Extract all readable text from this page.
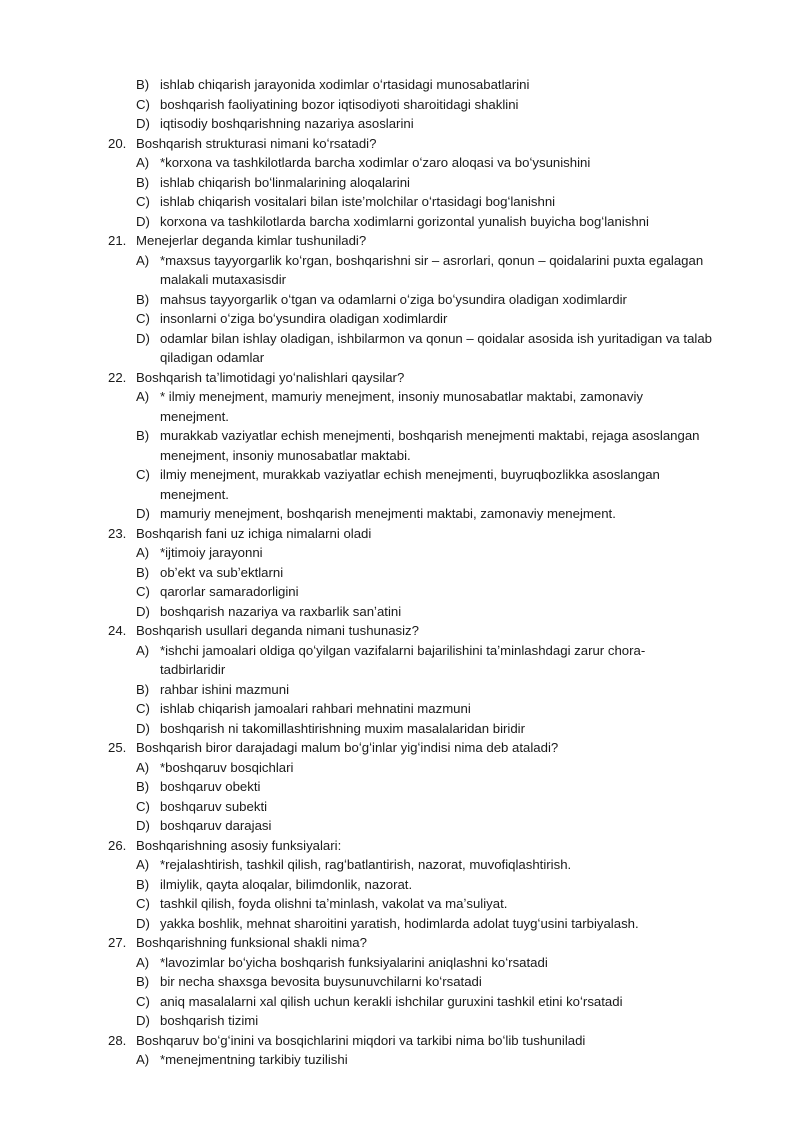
B) ishlab chiqarish jarayonida xodimlar oʻrtasidagi munosabatlarini
C) boshqarish faoliyatining bozor iqtisodiyoti sharoitidagi shaklini
D) iqtisodiy boshqarishning nazariya asoslarini
20. Boshqarish strukturasi nimani koʻrsatadi?
A) *korxona va tashkilotlarda barcha xodimlar oʻzaro aloqasi va boʻysunishini
B) ishlab chiqarish boʻlinmalarining aloqalarini
C) ishlab chiqarish vositalari bilan isteʼmolchilar oʻrtasidagi bogʻlanishni
D) korxona va tashkilotlarda barcha xodimlarni gorizontal yunalish buyicha bogʻlanishni
21. Menejerlar deganda kimlar tushuniladi?
A) *maxsus tayyorgarlik koʻrgan, boshqarishni sir – asrorlari, qonun – qoidalarini puxta egalagan
malakali mutaxasisdir
B) mahsus tayyorgarlik oʻtgan va odamlarni oʻziga boʻysundira oladigan xodimlardir
C) insonlarni oʻziga boʻysundira oladigan xodimlardir
D) odamlar bilan ishlay oladigan, ishbilarmon va qonun – qoidalar asosida ish yuritadigan va talab
qiladigan odamlar
22. Boshqarish taʼlimotidagi yoʻnalishlari qaysilar?
A) * ilmiy menejment, mamuriy menejment, insoniy munosabatlar maktabi, zamonaviy
menejment.
B) murakkab vaziyatlar echish menejmenti, boshqarish menejmenti maktabi, rejaga asoslangan
menejment, insoniy munosabatlar maktabi.
C) ilmiy menejment, murakkab vaziyatlar echish menejmenti, buyruqbozlikka asoslangan
menejment.
D) mamuriy menejment, boshqarish menejmenti maktabi, zamonaviy menejment.
23. Boshqarish fani uz ichiga nimalarni oladi
A) *ijtimoiy jarayonni
B) obʼekt va subʼektlarni
C) qarorlar samaradorligini
D) boshqarish nazariya va raxbarlik sanʼatini
24. Boshqarish usullari deganda nimani tushunasiz?
A) *ishchi jamoalari oldiga qoʻyilgan vazifalarni bajarilishini taʼminlashdagi zarur chora-
tadbirlaridir
B) rahbar ishini mazmuni
C) ishlab chiqarish jamoalari rahbari mehnatini mazmuni
D) boshqarish ni takomillashtirishning muxim masalalaridan biridir
25. Boshqarish biror darajadagi malum boʻgʻinlar yigʻindisi nima deb ataladi?
A) *boshqaruv bosqichlari
B) boshqaruv obekti
C) boshqaruv subekti
D) boshqaruv darajasi
26. Boshqarishning asosiy funksiyalari:
A) *rejalashtirish, tashkil qilish, ragʻbatlantirish, nazorat, muvofiqlashtirish.
B) ilmiylik, qayta aloqalar, bilimdonlik, nazorat.
C) tashkil qilish, foyda olishni taʼminlash, vakolat va maʼsuliyat.
D) yakka boshlik, mehnat sharoitini yaratish, hodimlarda adolat tuygʻusini tarbiyalash.
27. Boshqarishning funksional shakli nima?
A) *lavozimlar boʻyicha boshqarish funksiyalarini aniqlashni koʻrsatadi
B) bir necha shaxsga bevosita buysunuvchilarni koʻrsatadi
C) aniq masalalarni xal qilish uchun kerakli ishchilar guruxini tashkil etini koʻrsatadi
D) boshqarish tizimi
28. Boshqaruv boʻgʻinini va bosqichlarini miqdori va tarkibi nima boʻlib tushuniladi
A) *menejmentning tarkibiy tuzilishi
